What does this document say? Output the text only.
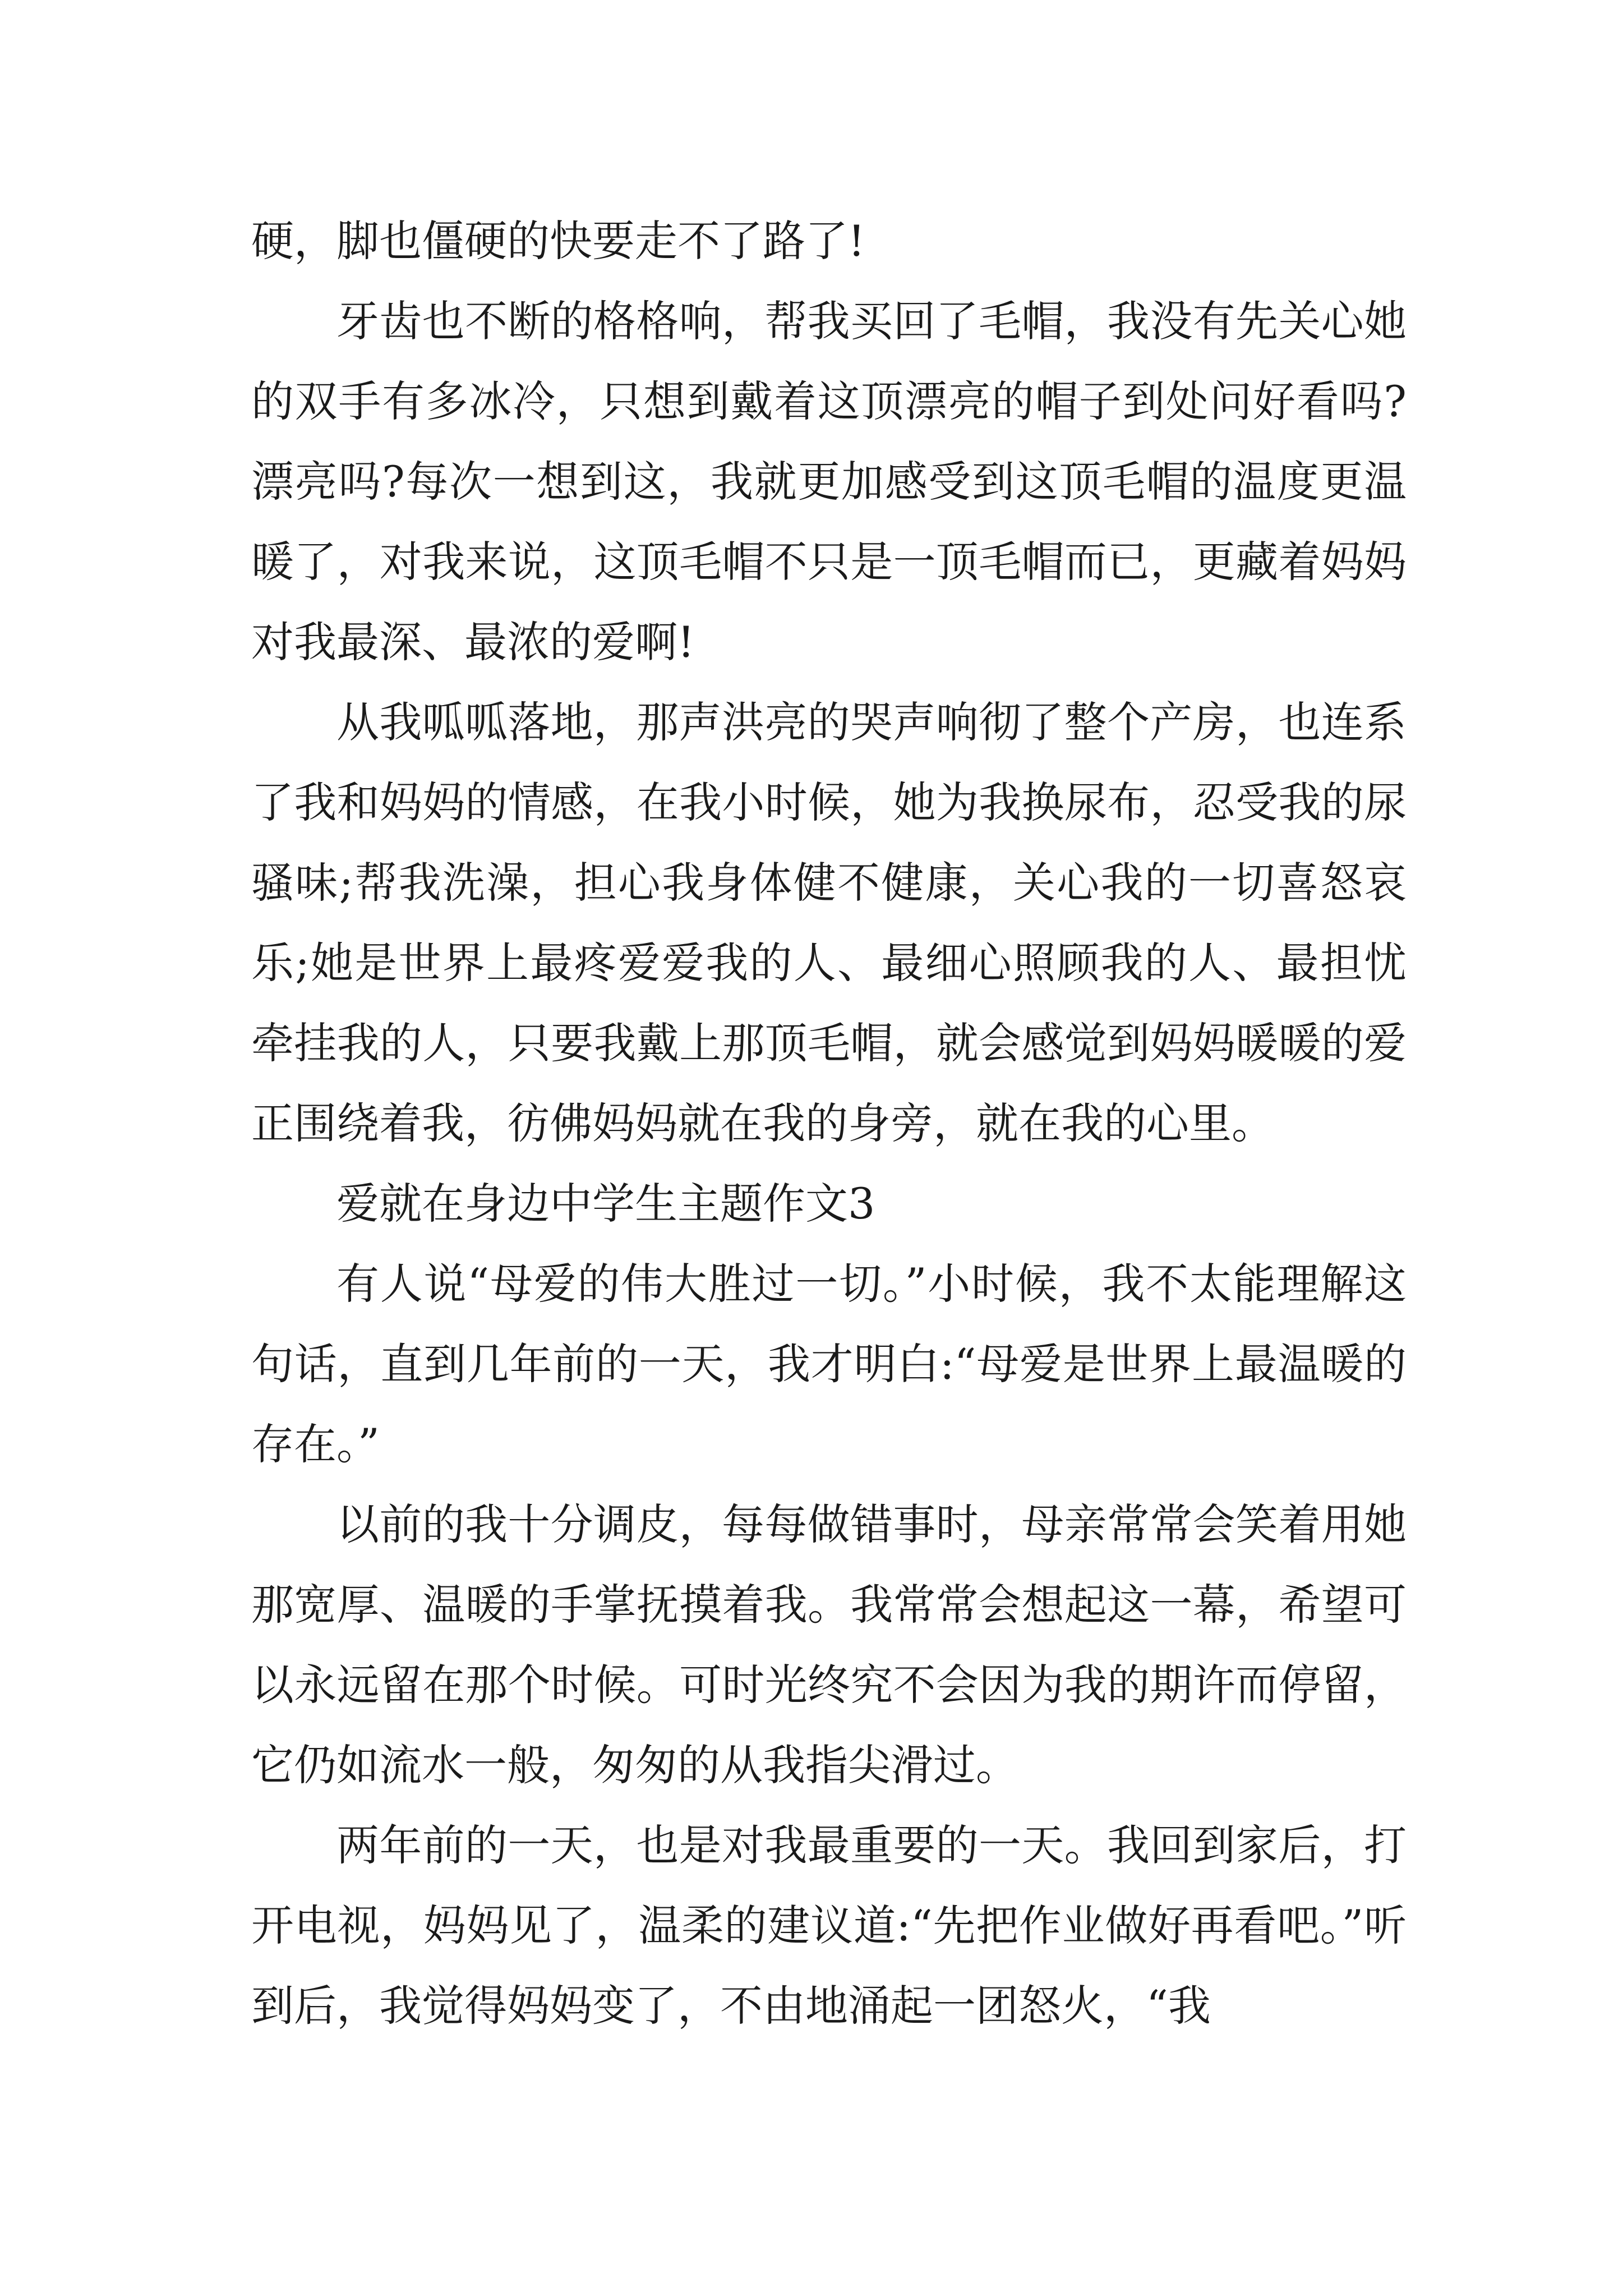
硬，脚也僵硬的快要走不了路了!

牙齿也不断的格格响，帮我买回了毛帽，我没有先关心她的双手有多冰冷，只想到戴着这顶漂亮的帽子到处问好看吗?漂亮吗?每次一想到这，我就更加感受到这顶毛帽的温度更温暖了，对我来说，这顶毛帽不只是一顶毛帽而已，更藏着妈妈对我最深、最浓的爱啊!

从我呱呱落地，那声洪亮的哭声响彻了整个产房，也连系了我和妈妈的情感，在我小时候，她为我换尿布，忍受我的尿骚味;帮我洗澡，担心我身体健不健康，关心我的一切喜怒哀乐;她是世界上最疼爱爱我的人、最细心照顾我的人、最担忧牵挂我的人，只要我戴上那顶毛帽，就会感觉到妈妈暖暖的爱正围绕着我，彷佛妈妈就在我的身旁，就在我的心里。

爱就在身边中学生主题作文3

有人说“母爱的伟大胜过一切。”小时候，我不太能理解这句话，直到几年前的一天，我才明白:“母爱是世界上最温暖的存在。”

以前的我十分调皮，每每做错事时，母亲常常会笑着用她那宽厚、温暖的手掌抚摸着我。我常常会想起这一幕，希望可以永远留在那个时候。可时光终究不会因为我的期许而停留，它仍如流水一般，匆匆的从我指尖滑过。

两年前的一天，也是对我最重要的一天。我回到家后，打开电视，妈妈见了，温柔的建议道:“先把作业做好再看吧。”听到后，我觉得妈妈变了，不由地涌起一团怒火，“我
